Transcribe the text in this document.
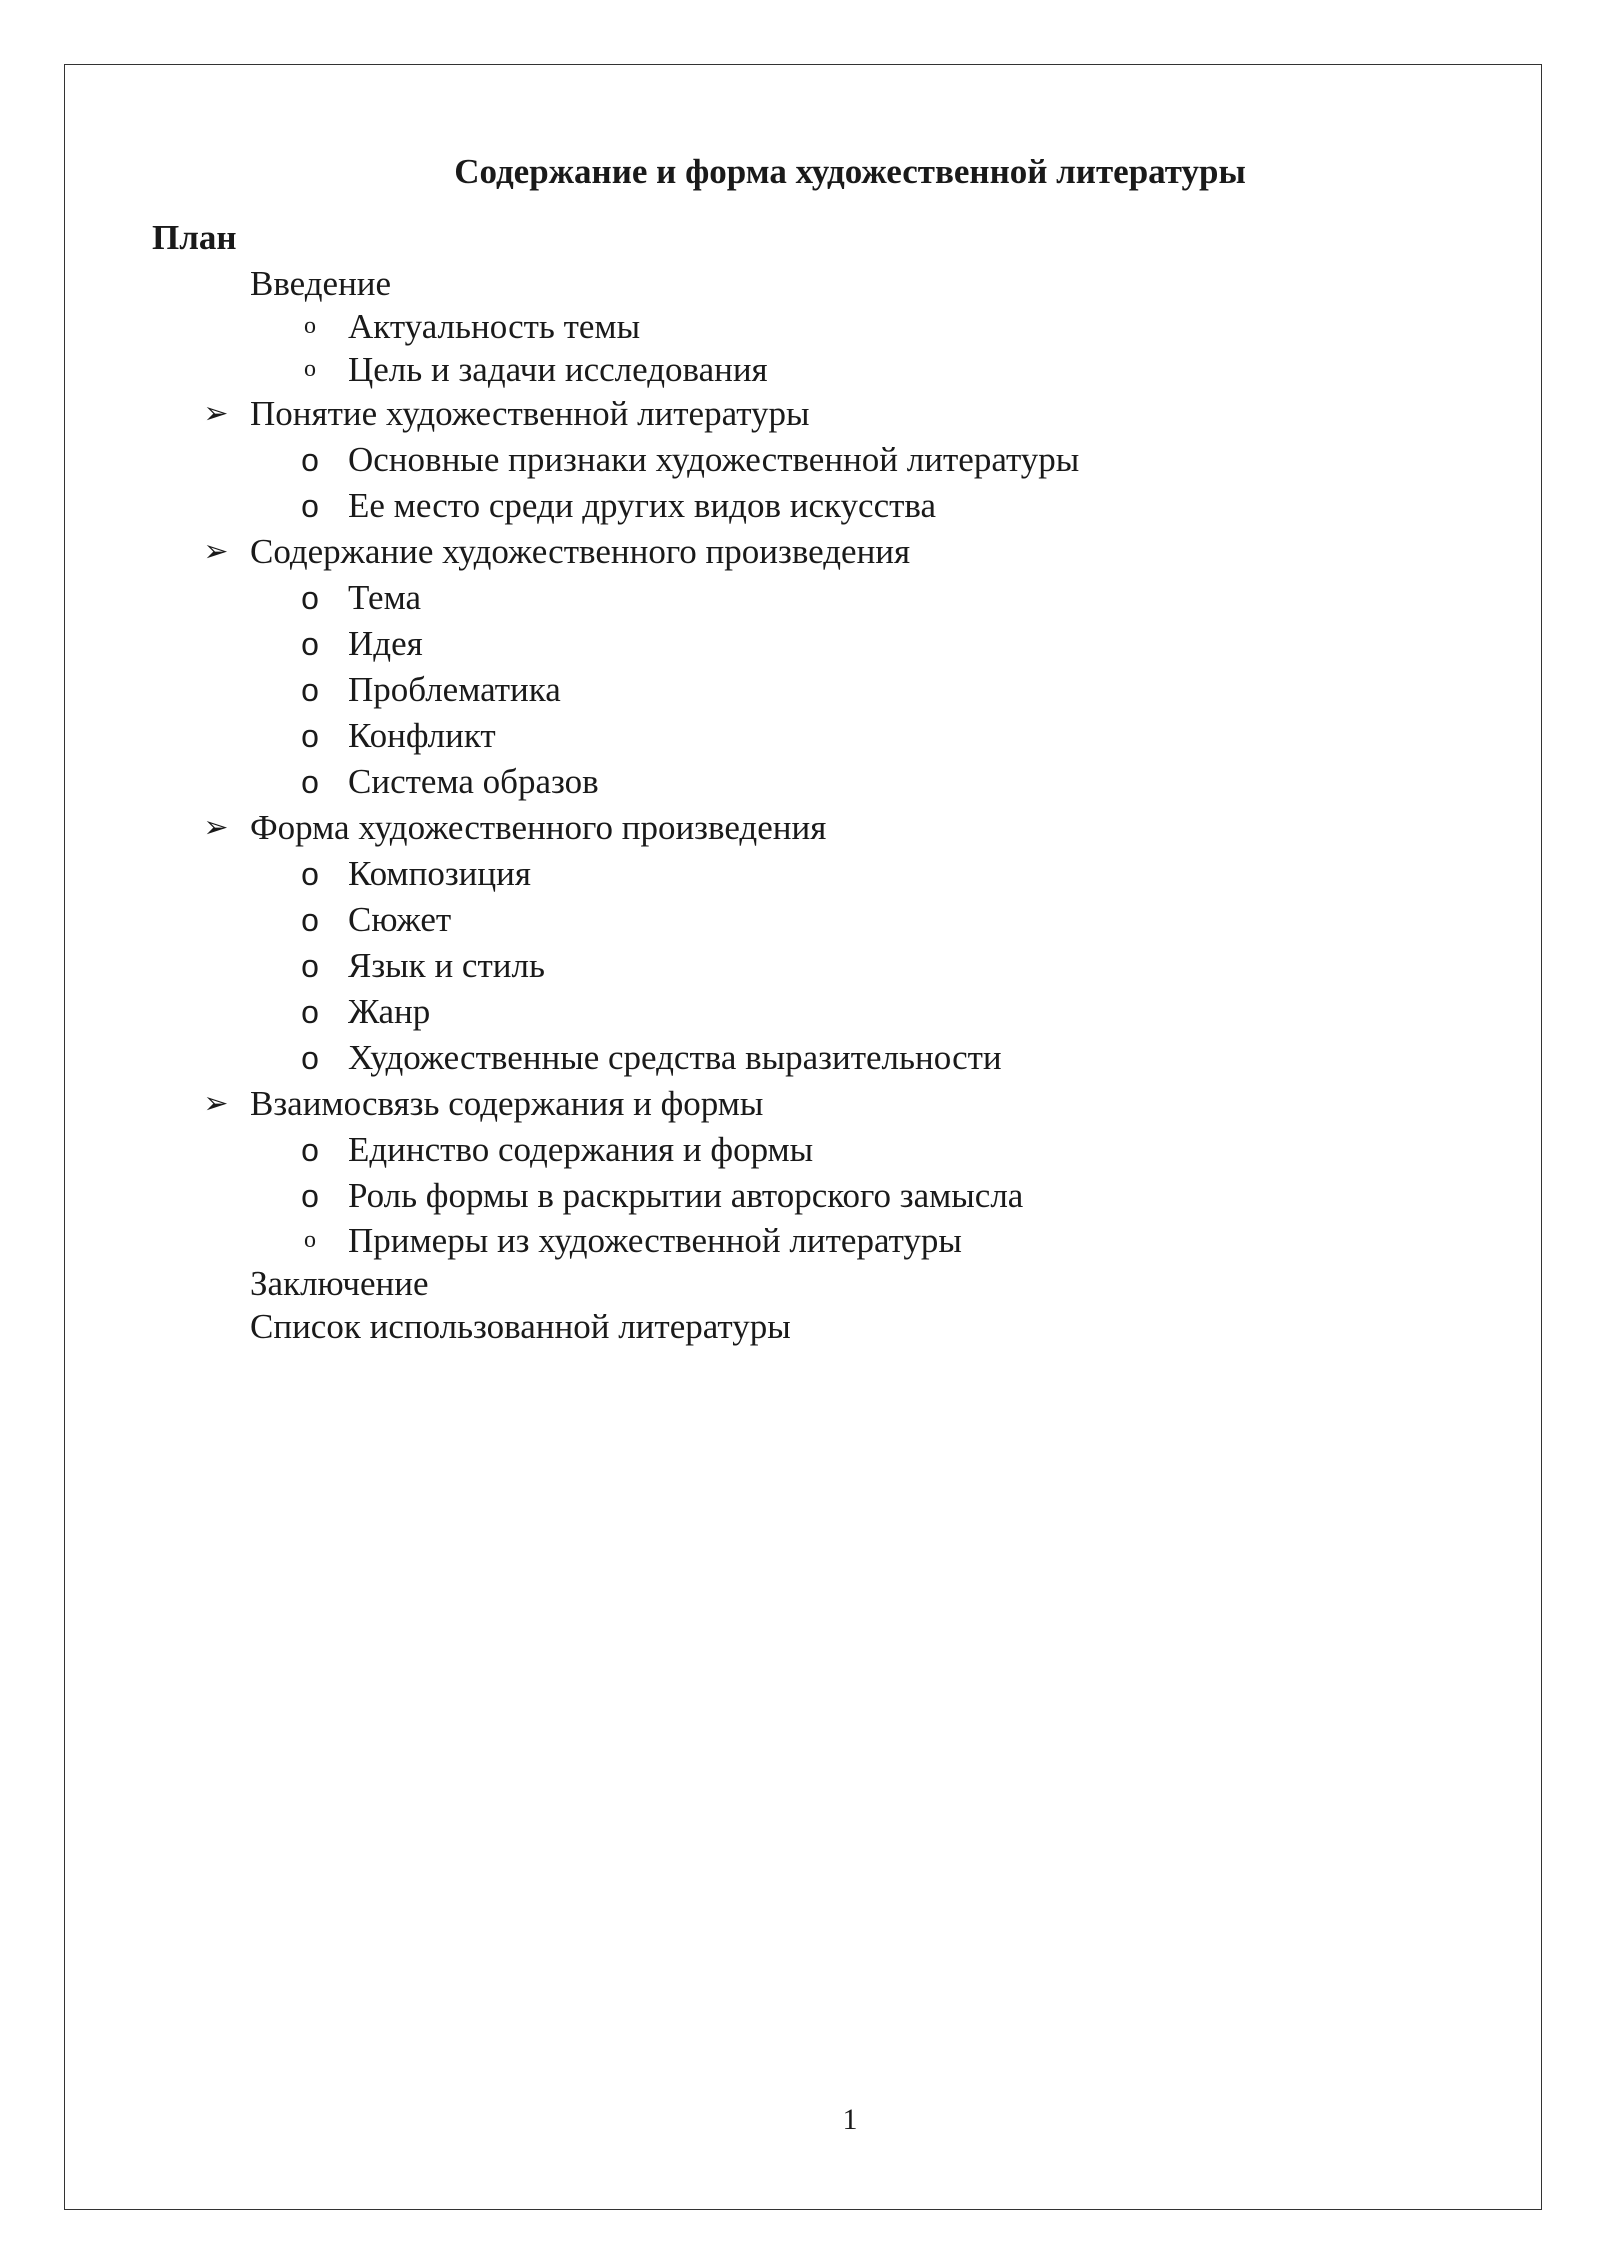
Содержание и форма художественной литературы
План
Введение
o Актуальность темы
o Цель и задачи исследования
➢ Понятие художественной литературы
o Основные признаки художественной литературы
o Ее место среди других видов искусства
➢ Содержание художественного произведения
o Тема
o Идея
o Проблематика
o Конфликт
o Система образов
➢ Форма художественного произведения
o Композиция
o Сюжет
o Язык и стиль
o Жанр
o Художественные средства выразительности
➢ Взаимосвязь содержания и формы
o Единство содержания и формы
o Роль формы в раскрытии авторского замысла
o Примеры из художественной литературы
Заключение
Список использованной литературы
1
